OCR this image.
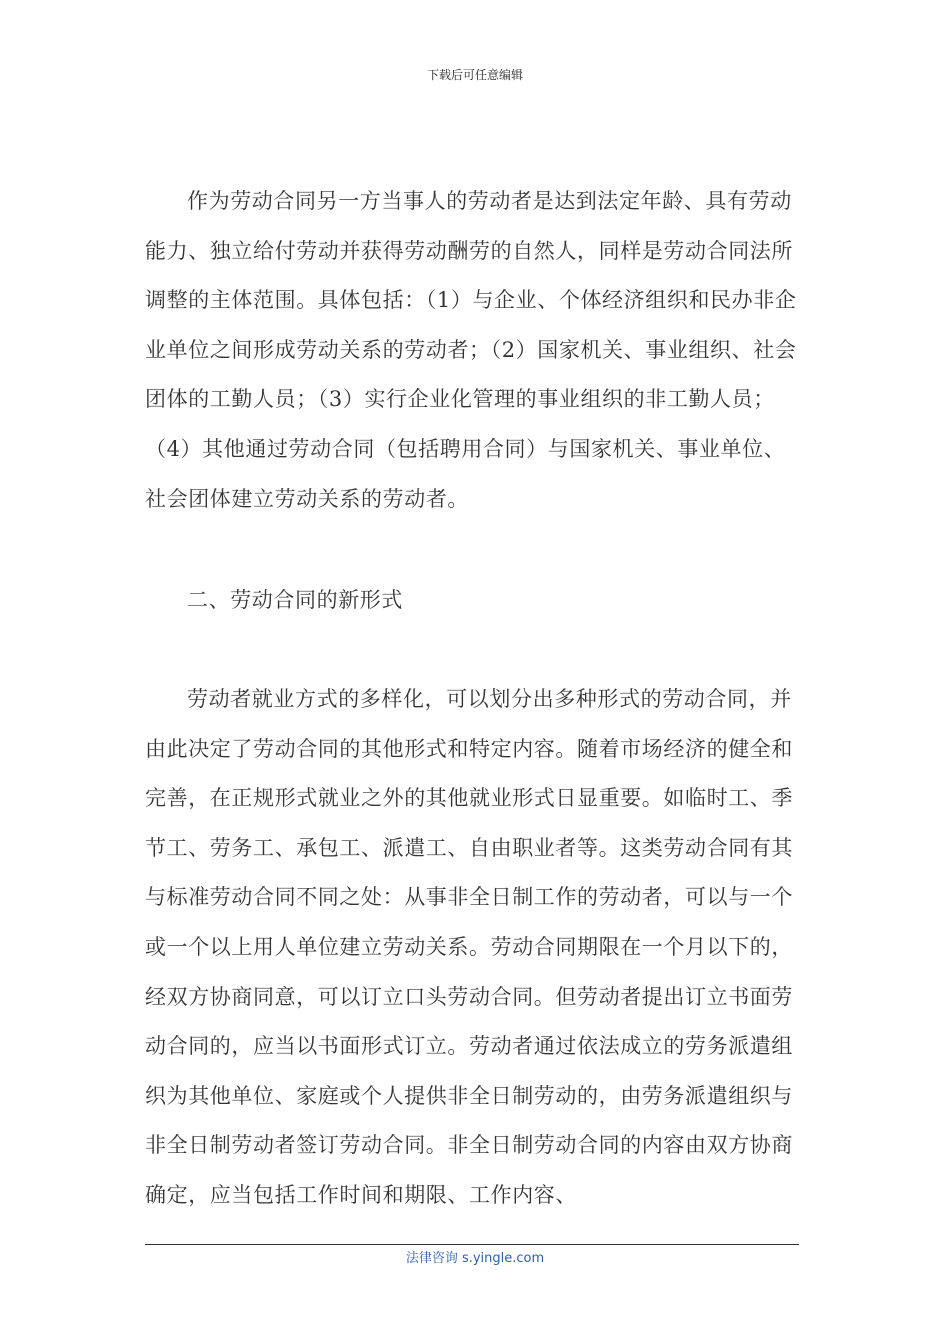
下载后可任意编辑

作为劳动合同另一方当事人的劳动者是达到法定年龄、具有劳动能力、独立给付劳动并获得劳动酬劳的自然人，同样是劳动合同法所调整的主体范围。具体包括：（1）与企业、个体经济组织和民办非企业单位之间形成劳动关系的劳动者；（2）国家机关、事业组织、社会团体的工勤人员；（3）实行企业化管理的事业组织的非工勤人员；（4）其他通过劳动合同（包括聘用合同）与国家机关、事业单位、社会团体建立劳动关系的劳动者。

二、劳动合同的新形式

劳动者就业方式的多样化，可以划分出多种形式的劳动合同，并由此决定了劳动合同的其他形式和特定内容。随着市场经济的健全和完善，在正规形式就业之外的其他就业形式日显重要。如临时工、季节工、劳务工、承包工、派遣工、自由职业者等。这类劳动合同有其与标准劳动合同不同之处：从事非全日制工作的劳动者，可以与一个或一个以上用人单位建立劳动关系。劳动合同期限在一个月以下的，经双方协商同意，可以订立口头劳动合同。但劳动者提出订立书面劳动合同的，应当以书面形式订立。劳动者通过依法成立的劳务派遣组织为其他单位、家庭或个人提供非全日制劳动的，由劳务派遣组织与非全日制劳动者签订劳动合同。非全日制劳动合同的内容由双方协商确定，应当包括工作时间和期限、工作内容、

法律咨询 s.yingle.com
